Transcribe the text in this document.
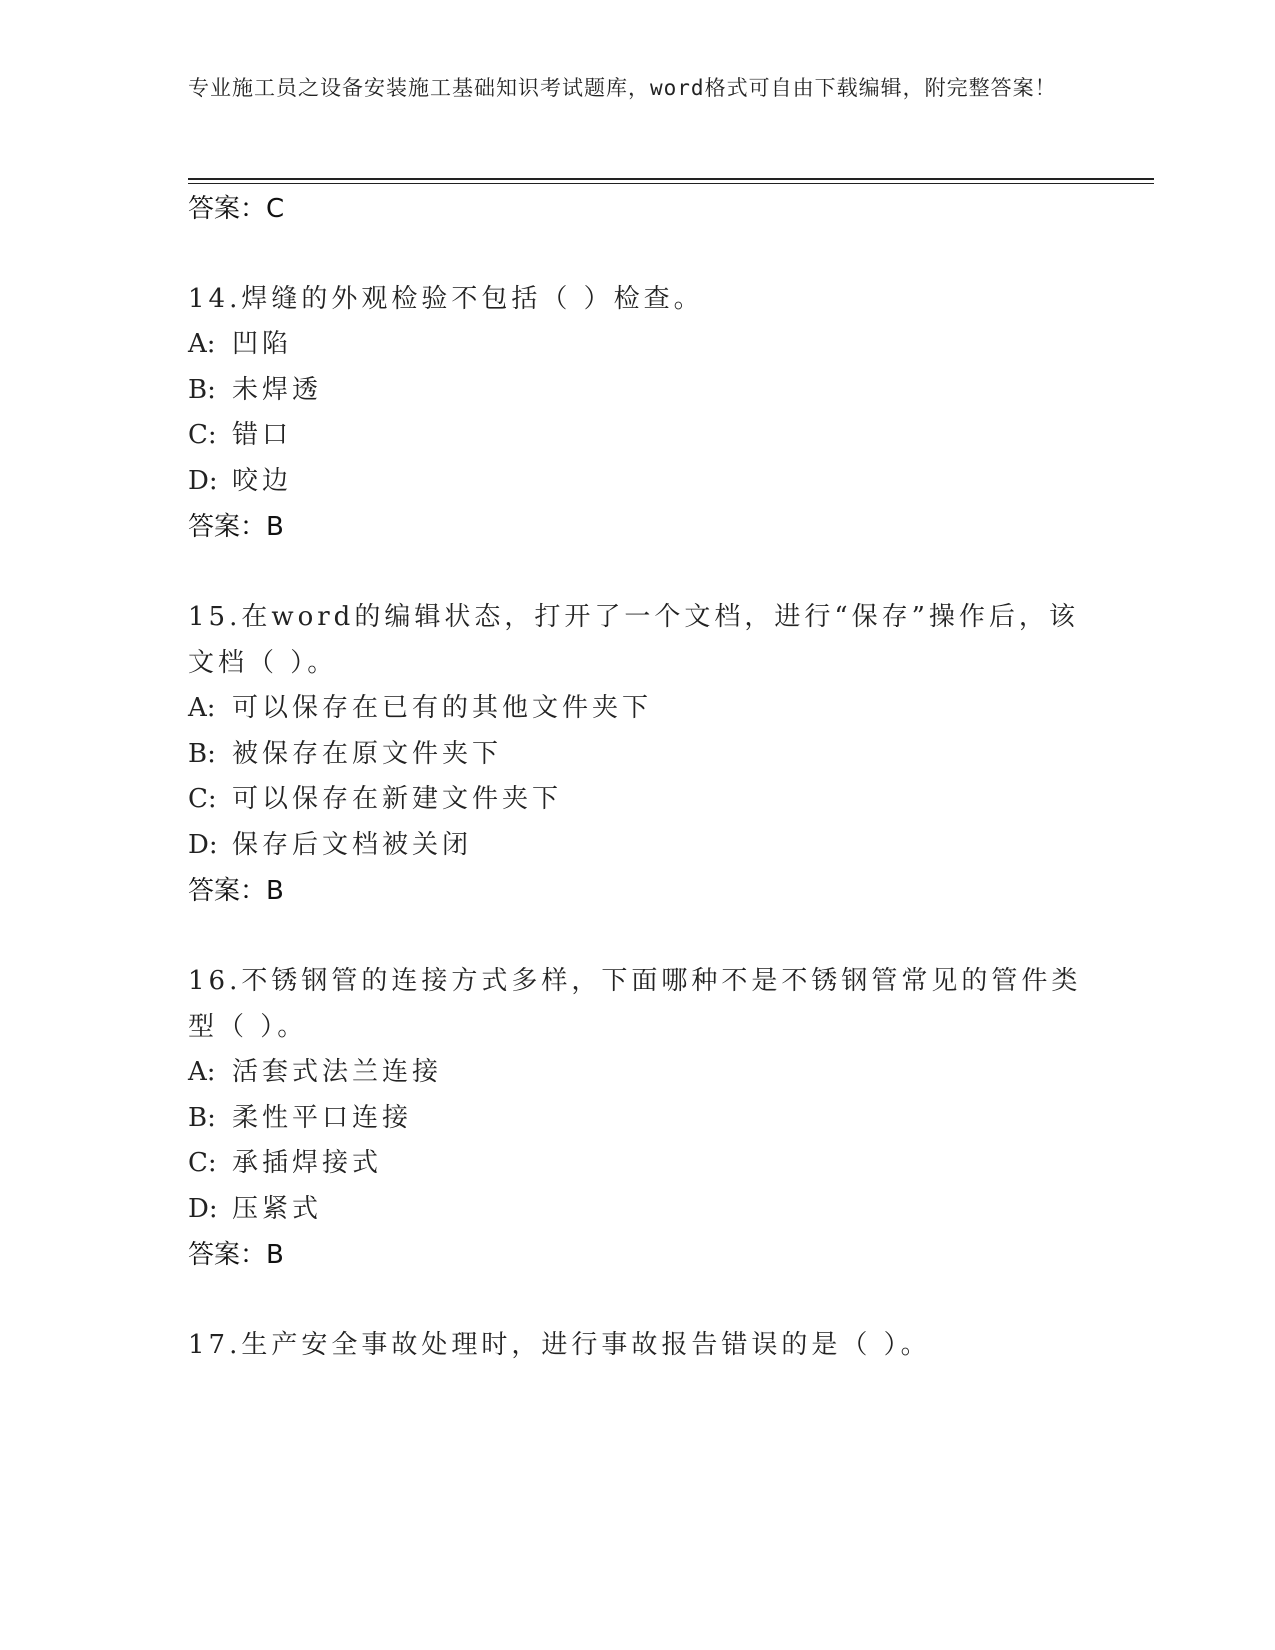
专业施工员之设备安装施工基础知识考试题库，word格式可自由下载编辑，附完整答案！
答案：C
14.焊缝的外观检验不包括（ ）检查。
A: 凹陷
B: 未焊透
C: 错口
D: 咬边
答案：B
15.在word的编辑状态，打开了一个文档，进行“保存”操作后，该文档（ ）。
A: 可以保存在已有的其他文件夹下
B: 被保存在原文件夹下
C: 可以保存在新建文件夹下
D: 保存后文档被关闭
答案：B
16.不锈钢管的连接方式多样，下面哪种不是不锈钢管常见的管件类型（ ）。
A: 活套式法兰连接
B: 柔性平口连接
C: 承插焊接式
D: 压紧式
答案：B
17.生产安全事故处理时，进行事故报告错误的是（ ）。
